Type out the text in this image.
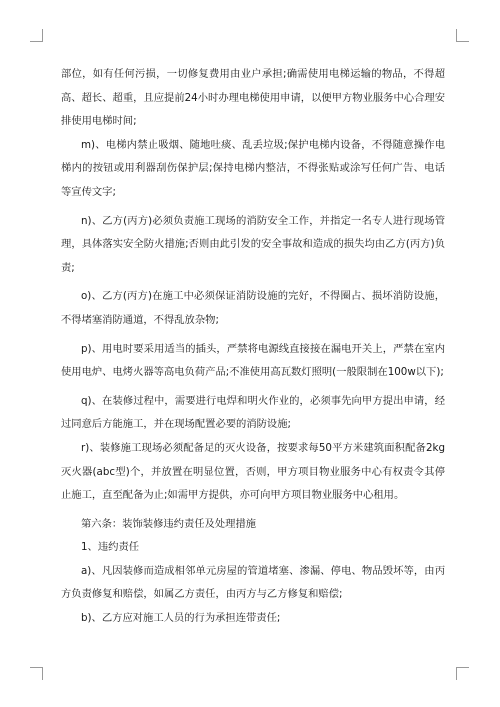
部位，如有任何污损，一切修复费用由业户承担;确需使用电梯运输的物品，不得超高、超长、超重，且应提前24小时办理电梯使用申请，以便甲方物业服务中心合理安排使用电梯时间;

m)、电梯内禁止吸烟、随地吐痰、乱丢垃圾;保护电梯内设备，不得随意操作电梯内的按钮或用利器刮伤保护层;保持电梯内整洁，不得张贴或涂写任何广告、电话等宣传文字;

n)、乙方(丙方)必须负责施工现场的消防安全工作，并指定一名专人进行现场管理，具体落实安全防火措施;否则由此引发的安全事故和造成的损失均由乙方(丙方)负责;

o)、乙方(丙方)在施工中必须保证消防设施的完好，不得圈占、损坏消防设施，不得堵塞消防通道，不得乱放杂物;

p)、用电时要采用适当的插头，严禁将电源线直接接在漏电开关上，严禁在室内使用电炉、电烤火器等高电负荷产品;不准使用高瓦数灯照明(一般限制在100w以下);

q)、在装修过程中，需要进行电焊和明火作业的，必须事先向甲方提出申请，经过同意后方能施工，并在现场配置必要的消防设施;

r)、装修施工现场必须配备足的灭火设备，按要求每50平方米建筑面积配备2kg灭火器(abc型)个，并放置在明显位置，否则，甲方项目物业服务中心有权责令其停止施工，直至配备为止;如需甲方提供，亦可向甲方项目物业服务中心租用。

第六条：装饰装修违约责任及处理措施

1、违约责任

a)、凡因装修而造成相邻单元房屋的管道堵塞、渗漏、停电、物品毁坏等，由丙方负责修复和赔偿，如属乙方责任，由丙方与乙方修复和赔偿;

b)、乙方应对施工人员的行为承担连带责任;
